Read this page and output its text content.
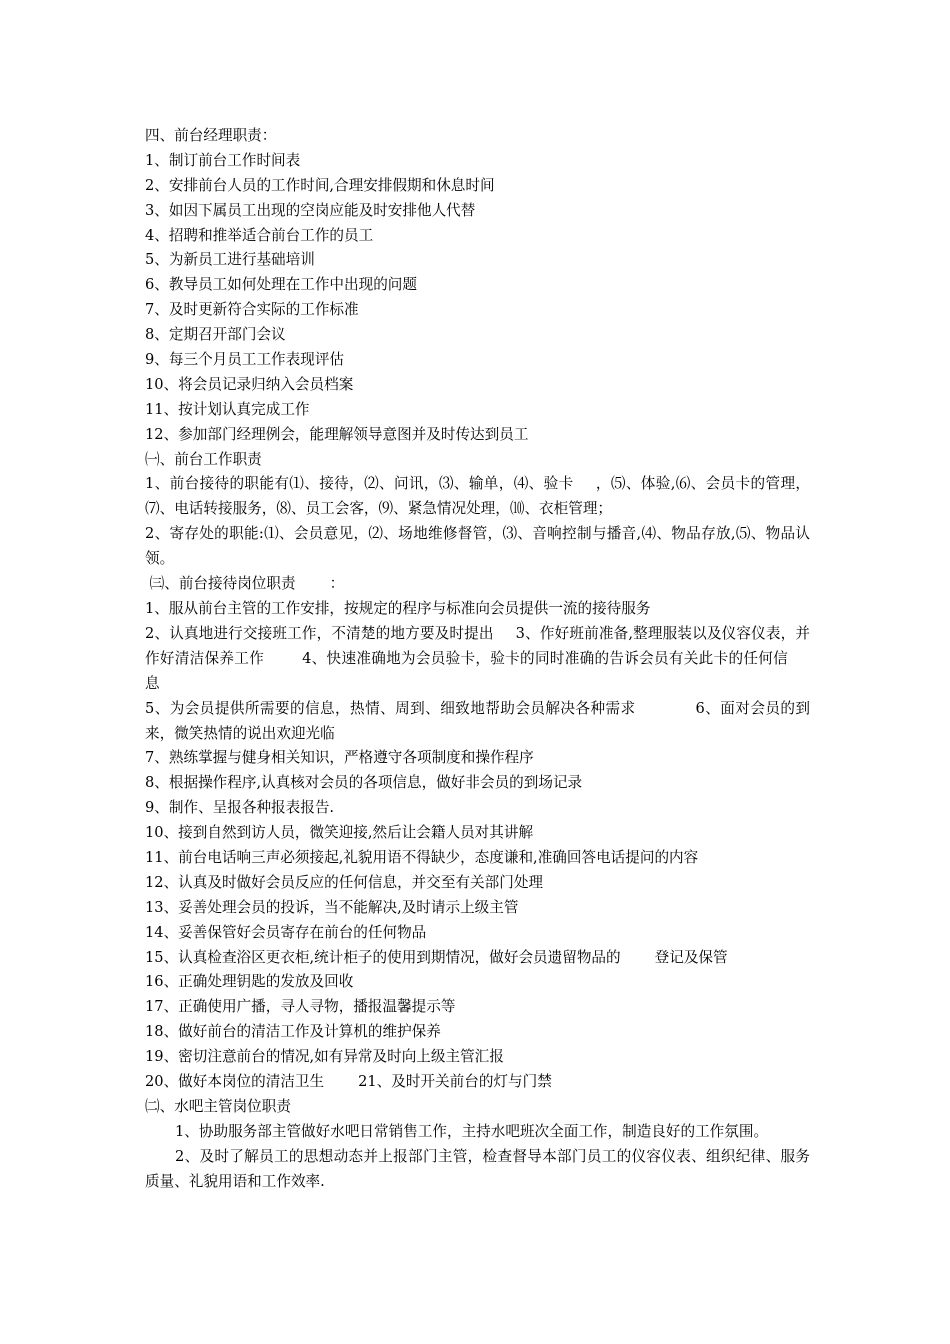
四、前台经理职责：
1、制订前台工作时间表
2、安排前台人员的工作时间,合理安排假期和休息时间
3、如因下属员工出现的空岗应能及时安排他人代替
4、招聘和推举适合前台工作的员工
5、为新员工进行基础培训
6、教导员工如何处理在工作中出现的问题
7、及时更新符合实际的工作标准
8、定期召开部门会议
9、每三个月员工工作表现评估
10、将会员记录归纳入会员档案
11、按计划认真完成工作
12、参加部门经理例会，能理解领导意图并及时传达到员工
㈠、前台工作职责
1、前台接待的职能有⑴、接待，⑵、问讯，⑶、输单，⑷、验卡 ，⑸、体验,⑹、会员卡的管理，⑺、电话转接服务，⑻、员工会客，⑼、紧急情况处理，⑽、衣柜管理；
2、寄存处的职能:⑴、会员意见，⑵、场地维修督管，⑶、音响控制与播音,⑷、物品存放,⑸、物品认领。
㈢、前台接待岗位职责 ：
1、服从前台主管的工作安排，按规定的程序与标准向会员提供一流的接待服务
2、认真地进行交接班工作，不清楚的地方要及时提出 3、作好班前准备,整理服装以及仪容仪表，并作好清洁保养工作	4、快速准确地为会员验卡，验卡的同时准确的告诉会员有关此卡的任何信息
5、为会员提供所需要的信息，热情、周到、细致地帮助会员解决各种需求	6、面对会员的到来，微笑热情的说出欢迎光临
7、熟练掌握与健身相关知识，严格遵守各项制度和操作程序
8、根据操作程序,认真核对会员的各项信息，做好非会员的到场记录
9、制作、呈报各种报表报告.
10、接到自然到访人员，微笑迎接,然后让会籍人员对其讲解
11、前台电话响三声必须接起,礼貌用语不得缺少，态度谦和,准确回答电话提问的内容
12、认真及时做好会员反应的任何信息，并交至有关部门处理
13、妥善处理会员的投诉，当不能解决,及时请示上级主管
14、妥善保管好会员寄存在前台的任何物品
15、认真检查浴区更衣柜,统计柜子的使用到期情况，做好会员遗留物品的 登记及保管
16、正确处理钥匙的发放及回收
17、正确使用广播，寻人寻物，播报温馨提示等
18、做好前台的清洁工作及计算机的维护保养
19、密切注意前台的情况,如有异常及时向上级主管汇报
20、做好本岗位的清洁卫生 21、及时开关前台的灯与门禁
㈡、水吧主管岗位职责
1、协助服务部主管做好水吧日常销售工作，主持水吧班次全面工作，制造良好的工作氛围。
2、及时了解员工的思想动态并上报部门主管，检查督导本部门员工的仪容仪表、组织纪律、服务质量、礼貌用语和工作效率.
